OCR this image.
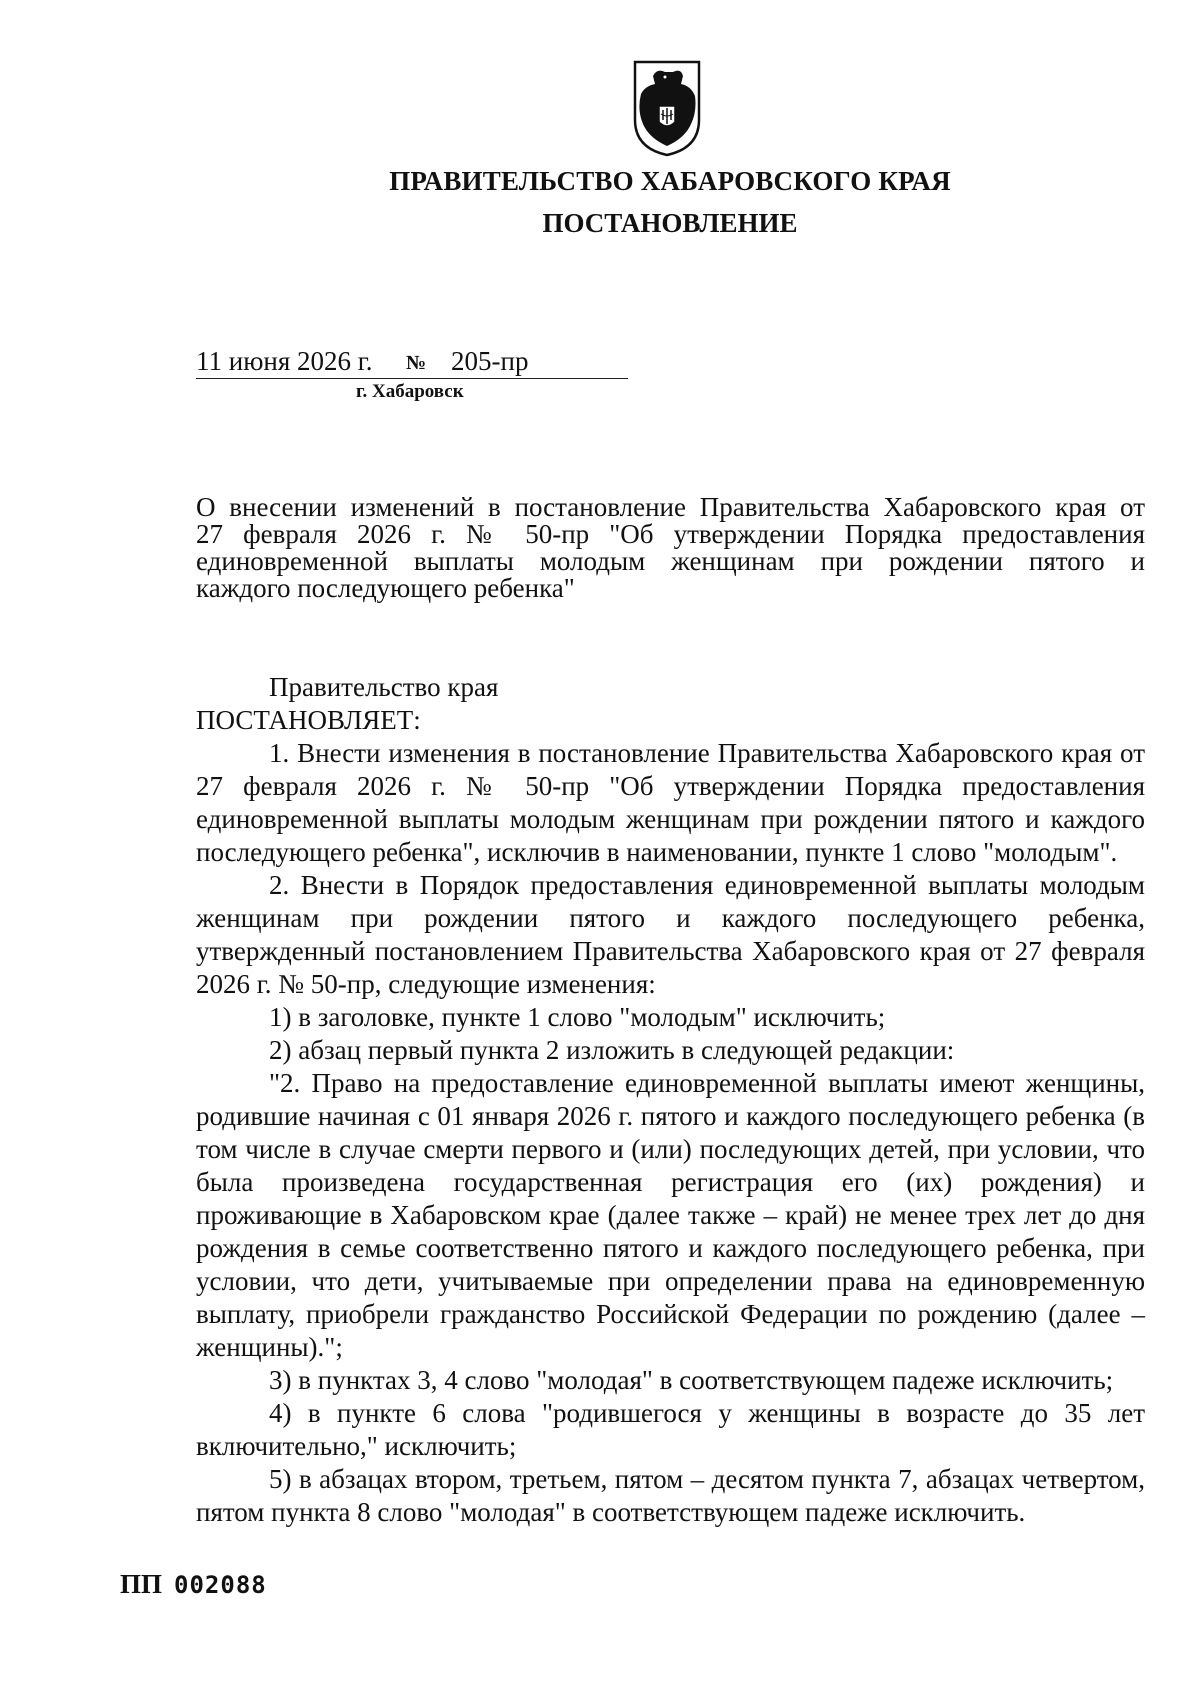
ПРАВИТЕЛЬСТВО ХАБАРОВСКОГО КРАЯ
ПОСТАНОВЛЕНИЕ
11 июня 2026 г. № 205-пр
г. Хабаровск
О внесении изменений в постановление Правительства Хабаровского края от
27 февраля 2026 г. № 50-пр "Об утверждении Порядка предоставления
единовременной выплаты молодым женщинам при рождении пятого и
каждого последующего ребенка"

Правительство края

ПОСТАНОВЛЯЕТ:

1. Внести изменения в постановление Правительства Хабаровского края от 27 февраля 2026 г. № 50-пр "Об утверждении Порядка предоставления единовременной выплаты молодым женщинам при рождении пятого и каждого последующего ребенка", исключив в наименовании, пункте 1 слово "молодым".

2. Внести в Порядок предоставления единовременной выплаты молодым женщинам при рождении пятого и каждого последующего ребенка, утвержденный постановлением Правительства Хабаровского края от 27 февраля 2026 г. № 50-пр, следующие изменения:

1) в заголовке, пункте 1 слово "молодым" исключить;

2) абзац первый пункта 2 изложить в следующей редакции:

"2. Право на предоставление единовременной выплаты имеют женщины, родившие начиная с 01 января 2026 г. пятого и каждого последующего ребенка (в том числе в случае смерти первого и (или) последующих детей, при условии, что была произведена государственная регистрация его (их) рождения) и проживающие в Хабаровском крае (далее также – край) не менее трех лет до дня рождения в семье соответственно пятого и каждого последующего ребенка, при условии, что дети, учитываемые при определении права на единовременную выплату, приобрели гражданство Российской Федерации по рождению (далее – женщины).";

3) в пунктах 3, 4 слово "молодая" в соответствующем падеже исключить;

4) в пункте 6 слова "родившегося у женщины в возрасте до 35 лет включительно," исключить;

5) в абзацах втором, третьем, пятом – десятом пункта 7, абзацах четвертом, пятом пункта 8 слово "молодая" в соответствующем падеже исключить.

ПП 002088
